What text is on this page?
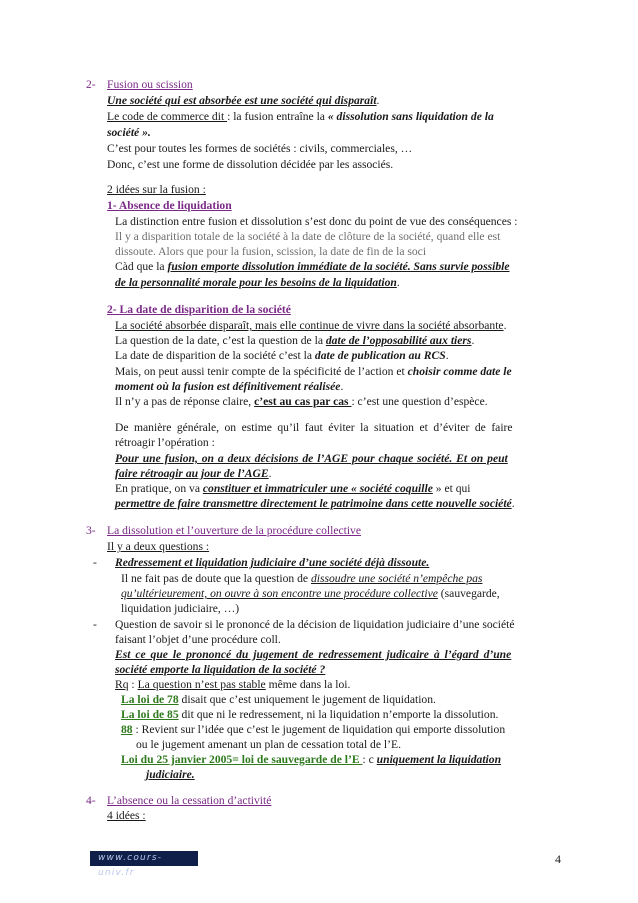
2- Fusion ou scission
Une société qui est absorbée est une société qui disparaît.
Le code de commerce dit : la fusion entraîne la « dissolution sans liquidation de la
société ».
C’est pour toutes les formes de sociétés : civils, commerciales, …
Donc, c’est une forme de dissolution décidée par les associés.
2 idées sur la fusion :
1- Absence de liquidation
La distinction entre fusion et dissolution s’est donc du point de vue des conséquences :
Il y a disparition totale de la société à la date de clôture de la société, quand elle est
dissoute. Alors que pour la fusion, scission, la date de fin de la soci
Càd que la fusion emporte dissolution immédiate de la société. Sans survie possible
de la personnalité morale pour les besoins de la liquidation.
2- La date de disparition de la société
La société absorbée disparaît, mais elle continue de vivre dans la société absorbante.
La question de la date, c’est la question de la date de l’opposabilité aux tiers.
La date de disparition de la société c’est la date de publication au RCS.
Mais, on peut aussi tenir compte de la spécificité de l’action et choisir comme date le
moment où la fusion est définitivement réalisée.
Il n’y a pas de réponse claire, c’est au cas par cas : c’est une question d’espèce.
De manière générale, on estime qu’il faut éviter la situation et d’éviter de faire
rétroagir l’opération :
Pour une fusion, on a deux décisions de l’AGE pour chaque société. Et on peut
faire rétroagir au jour de l’AGE.
En pratique, on va constituer et immatriculer une « société coquille » et qui
permettre de faire transmettre directement le patrimoine dans cette nouvelle société.
3- La dissolution et l’ouverture de la procédure collective
Il y a deux questions :
- Redressement et liquidation judiciaire d’une société déjà dissoute.
Il ne fait pas de doute que la question de dissoudre une société n’empêche pas
qu’ultérieurement, on ouvre à son encontre une procédure collective (sauvegarde,
liquidation judiciaire, …)
- Question de savoir si le prononcé de la décision de liquidation judiciaire d’une société
faisant l’objet d’une procédure coll.
Est ce que le prononcé du jugement de redressement judicaire à l’égard d’une
société emporte la liquidation de la société ?
Rq : La question n’est pas stable même dans la loi.
La loi de 78 disait que c’est uniquement le jugement de liquidation.
La loi de 85 dit que ni le redressement, ni la liquidation n’emporte la dissolution.
88 : Revient sur l’idée que c’est le jugement de liquidation qui emporte dissolution
ou le jugement amenant un plan de cessation total de l’E.
Loi du 25 janvier 2005= loi de sauvegarde de l’E : c uniquement la liquidation
judiciaire.
4- L’absence ou la cessation d’activité
4 idées :
www.cours-univ.fr
4
